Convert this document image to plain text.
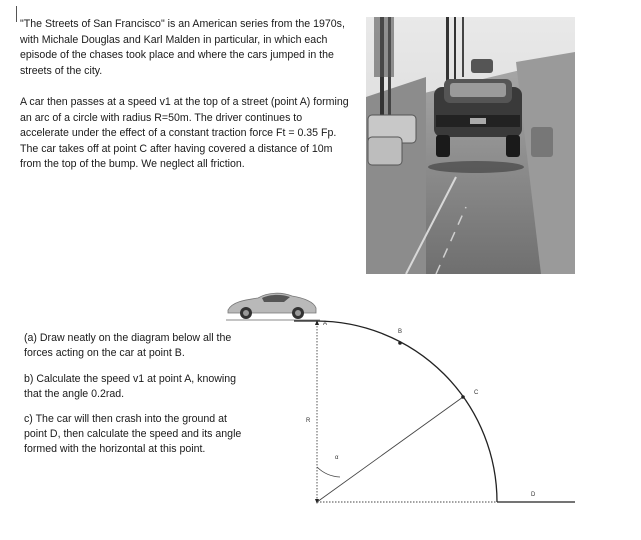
"The Streets of San Francisco" is an American series from the 1970s, with Michale Douglas and Karl Malden in particular, in which each episode of the chases took place and where the cars jumped in the streets of the city.

A car then passes at a speed v1 at the top of a street (point A) forming an arc of a circle with radius R=50m. The driver continues to accelerate under the effect of a constant traction force Ft = 0.35 Fp. The car takes off at point C after having covered a distance of 10m from the top of the bump. We neglect all friction.

(a) Draw neatly on the diagram below all the forces acting on the car at point B.

b) Calculate the speed v1 at point A, knowing that the angle 0.2rad.

c) The car will then crash into the ground at point D, then calculate the speed and its angle formed with the horizontal at this point.

A
B
C
D
R
α
